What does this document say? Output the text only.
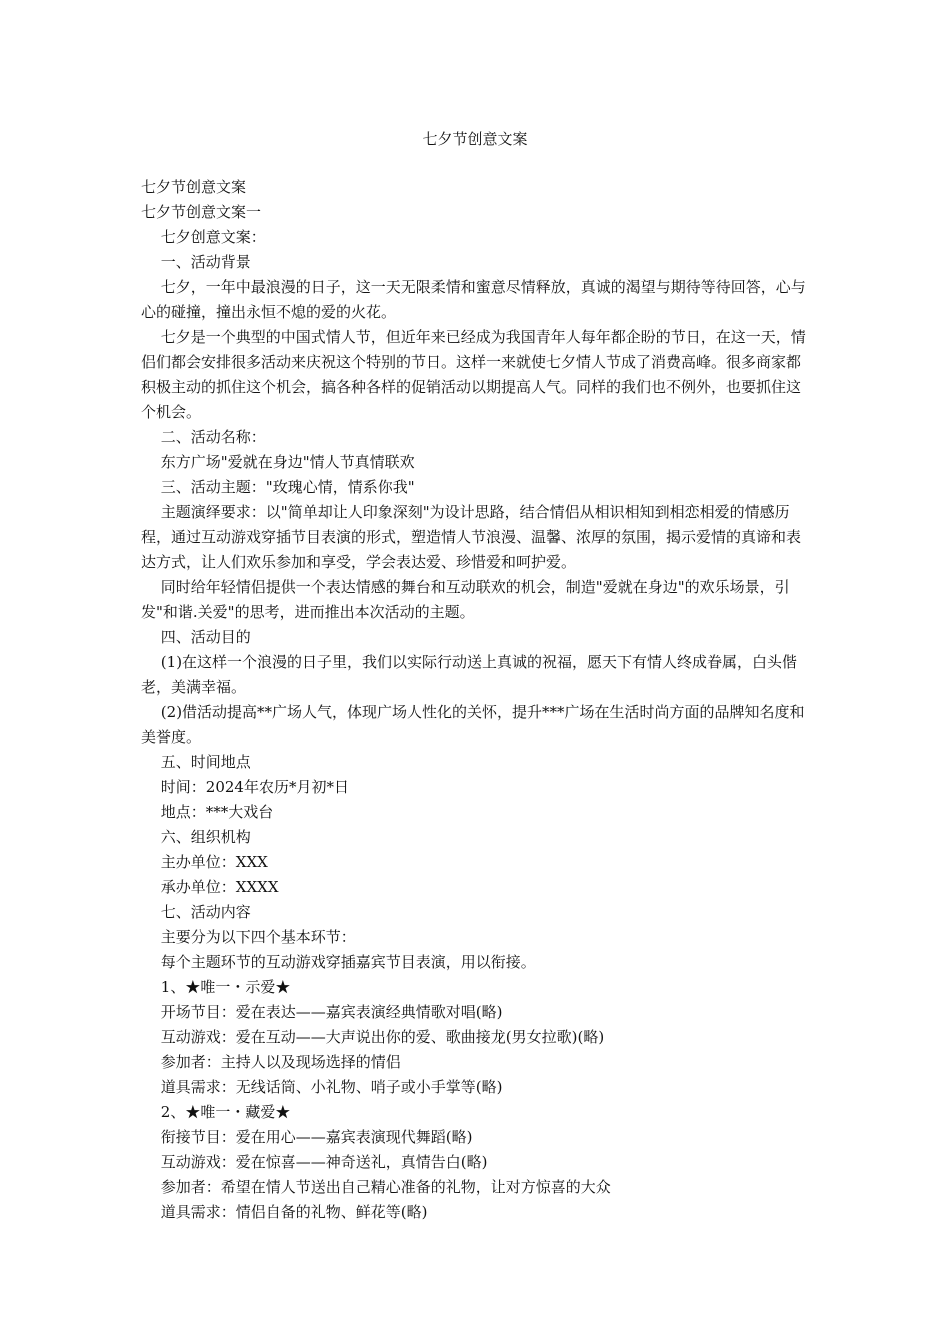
七夕节创意文案

七夕节创意文案

七夕节创意文案一

七夕创意文案：

一、活动背景

七夕，一年中最浪漫的日子，这一天无限柔情和蜜意尽情释放，真诚的渴望与期待等待回答，心与心的碰撞，撞出永恒不熄的爱的火花。

七夕是一个典型的中国式情人节，但近年来已经成为我国青年人每年都企盼的节日，在这一天，情侣们都会安排很多活动来庆祝这个特别的节日。这样一来就使七夕情人节成了消费高峰。很多商家都积极主动的抓住这个机会，搞各种各样的促销活动以期提高人气。同样的我们也不例外，也要抓住这个机会。

二、活动名称：

东方广场"爱就在身边"情人节真情联欢

三、活动主题："玫瑰心情，情系你我"

主题演绎要求：以"简单却让人印象深刻"为设计思路，结合情侣从相识相知到相恋相爱的情感历程，通过互动游戏穿插节目表演的形式，塑造情人节浪漫、温馨、浓厚的氛围，揭示爱情的真谛和表达方式，让人们欢乐参加和享受，学会表达爱、珍惜爱和呵护爱。

同时给年轻情侣提供一个表达情感的舞台和互动联欢的机会，制造"爱就在身边"的欢乐场景，引发"和谐.关爱"的思考，进而推出本次活动的主题。

四、活动目的

(1)在这样一个浪漫的日子里，我们以实际行动送上真诚的祝福，愿天下有情人终成眷属，白头偕老，美满幸福。

(2)借活动提高**广场人气，体现广场人性化的关怀，提升***广场在生活时尚方面的品牌知名度和美誉度。

五、时间地点

时间：2024年农历*月初*日

地点：***大戏台

六、组织机构

主办单位：XXX

承办单位：XXXX

七、活动内容

主要分为以下四个基本环节：

每个主题环节的互动游戏穿插嘉宾节目表演，用以衔接。

1、★唯一・示爱★

开场节目：爱在表达——嘉宾表演经典情歌对唱(略)

互动游戏：爱在互动——大声说出你的爱、歌曲接龙(男女拉歌)(略)

参加者：主持人以及现场选择的情侣

道具需求：无线话筒、小礼物、哨子或小手掌等(略)

2、★唯一・藏爱★

衔接节目：爱在用心——嘉宾表演现代舞蹈(略)

互动游戏：爱在惊喜——神奇送礼，真情告白(略)

参加者：希望在情人节送出自己精心准备的礼物，让对方惊喜的大众

道具需求：情侣自备的礼物、鲜花等(略)
